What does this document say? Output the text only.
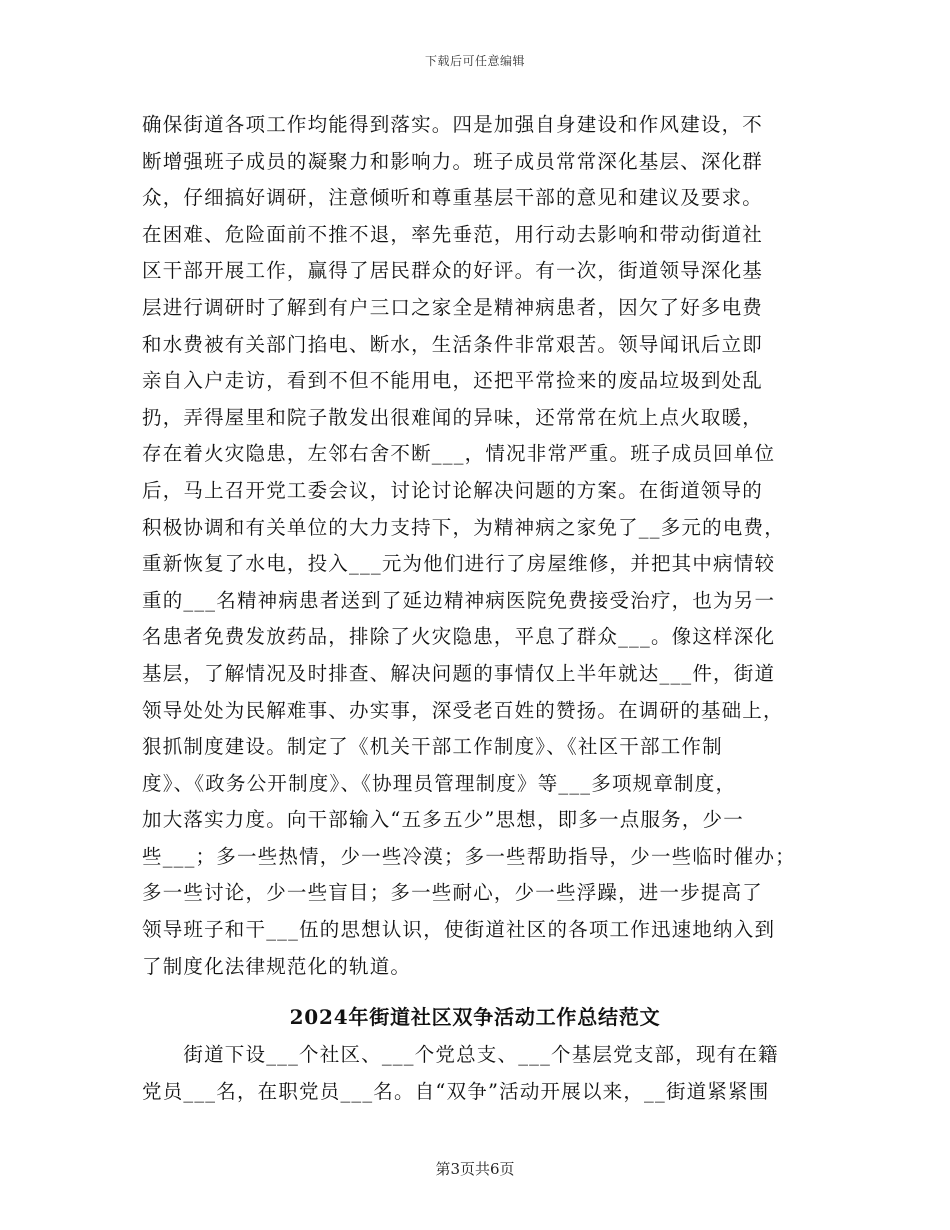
下载后可任意编辑
确保街道各项工作均能得到落实。四是加强自身建设和作风建设，不
断增强班子成员的凝聚力和影响力。班子成员常常深化基层、深化群
众，仔细搞好调研，注意倾听和尊重基层干部的意见和建议及要求。
在困难、危险面前不推不退，率先垂范，用行动去影响和带动街道社
区干部开展工作，赢得了居民群众的好评。有一次，街道领导深化基
层进行调研时了解到有户三口之家全是精神病患者，因欠了好多电费
和水费被有关部门掐电、断水，生活条件非常艰苦。领导闻讯后立即
亲自入户走访，看到不但不能用电，还把平常捡来的废品垃圾到处乱
扔，弄得屋里和院子散发出很难闻的异味，还常常在炕上点火取暖，
存在着火灾隐患，左邻右舍不断___，情况非常严重。班子成员回单位
后，马上召开党工委会议，讨论讨论解决问题的方案。在街道领导的
积极协调和有关单位的大力支持下，为精神病之家免了__多元的电费，
重新恢复了水电，投入___元为他们进行了房屋维修，并把其中病情较
重的___名精神病患者送到了延边精神病医院免费接受治疗，也为另一
名患者免费发放药品，排除了火灾隐患，平息了群众___。像这样深化
基层，了解情况及时排查、解决问题的事情仅上半年就达___件，街道
领导处处为民解难事、办实事，深受老百姓的赞扬。在调研的基础上，
狠抓制度建设。制定了《机关干部工作制度》、《社区干部工作制
度》、《政务公开制度》、《协理员管理制度》等___多项规章制度，
加大落实力度。向干部输入“五多五少”思想，即多一点服务，少一
些___；多一些热情，少一些冷漠；多一些帮助指导，少一些临时催办；
多一些讨论，少一些盲目；多一些耐心，少一些浮躁，进一步提高了
领导班子和干___伍的思想认识，使街道社区的各项工作迅速地纳入到
了制度化法律规范化的轨道。
2024年街道社区双争活动工作总结范文
　　街道下设___个社区、___个党总支、___个基层党支部，现有在籍
党员___名，在职党员___名。自“双争”活动开展以来，__街道紧紧围
第3页共6页
